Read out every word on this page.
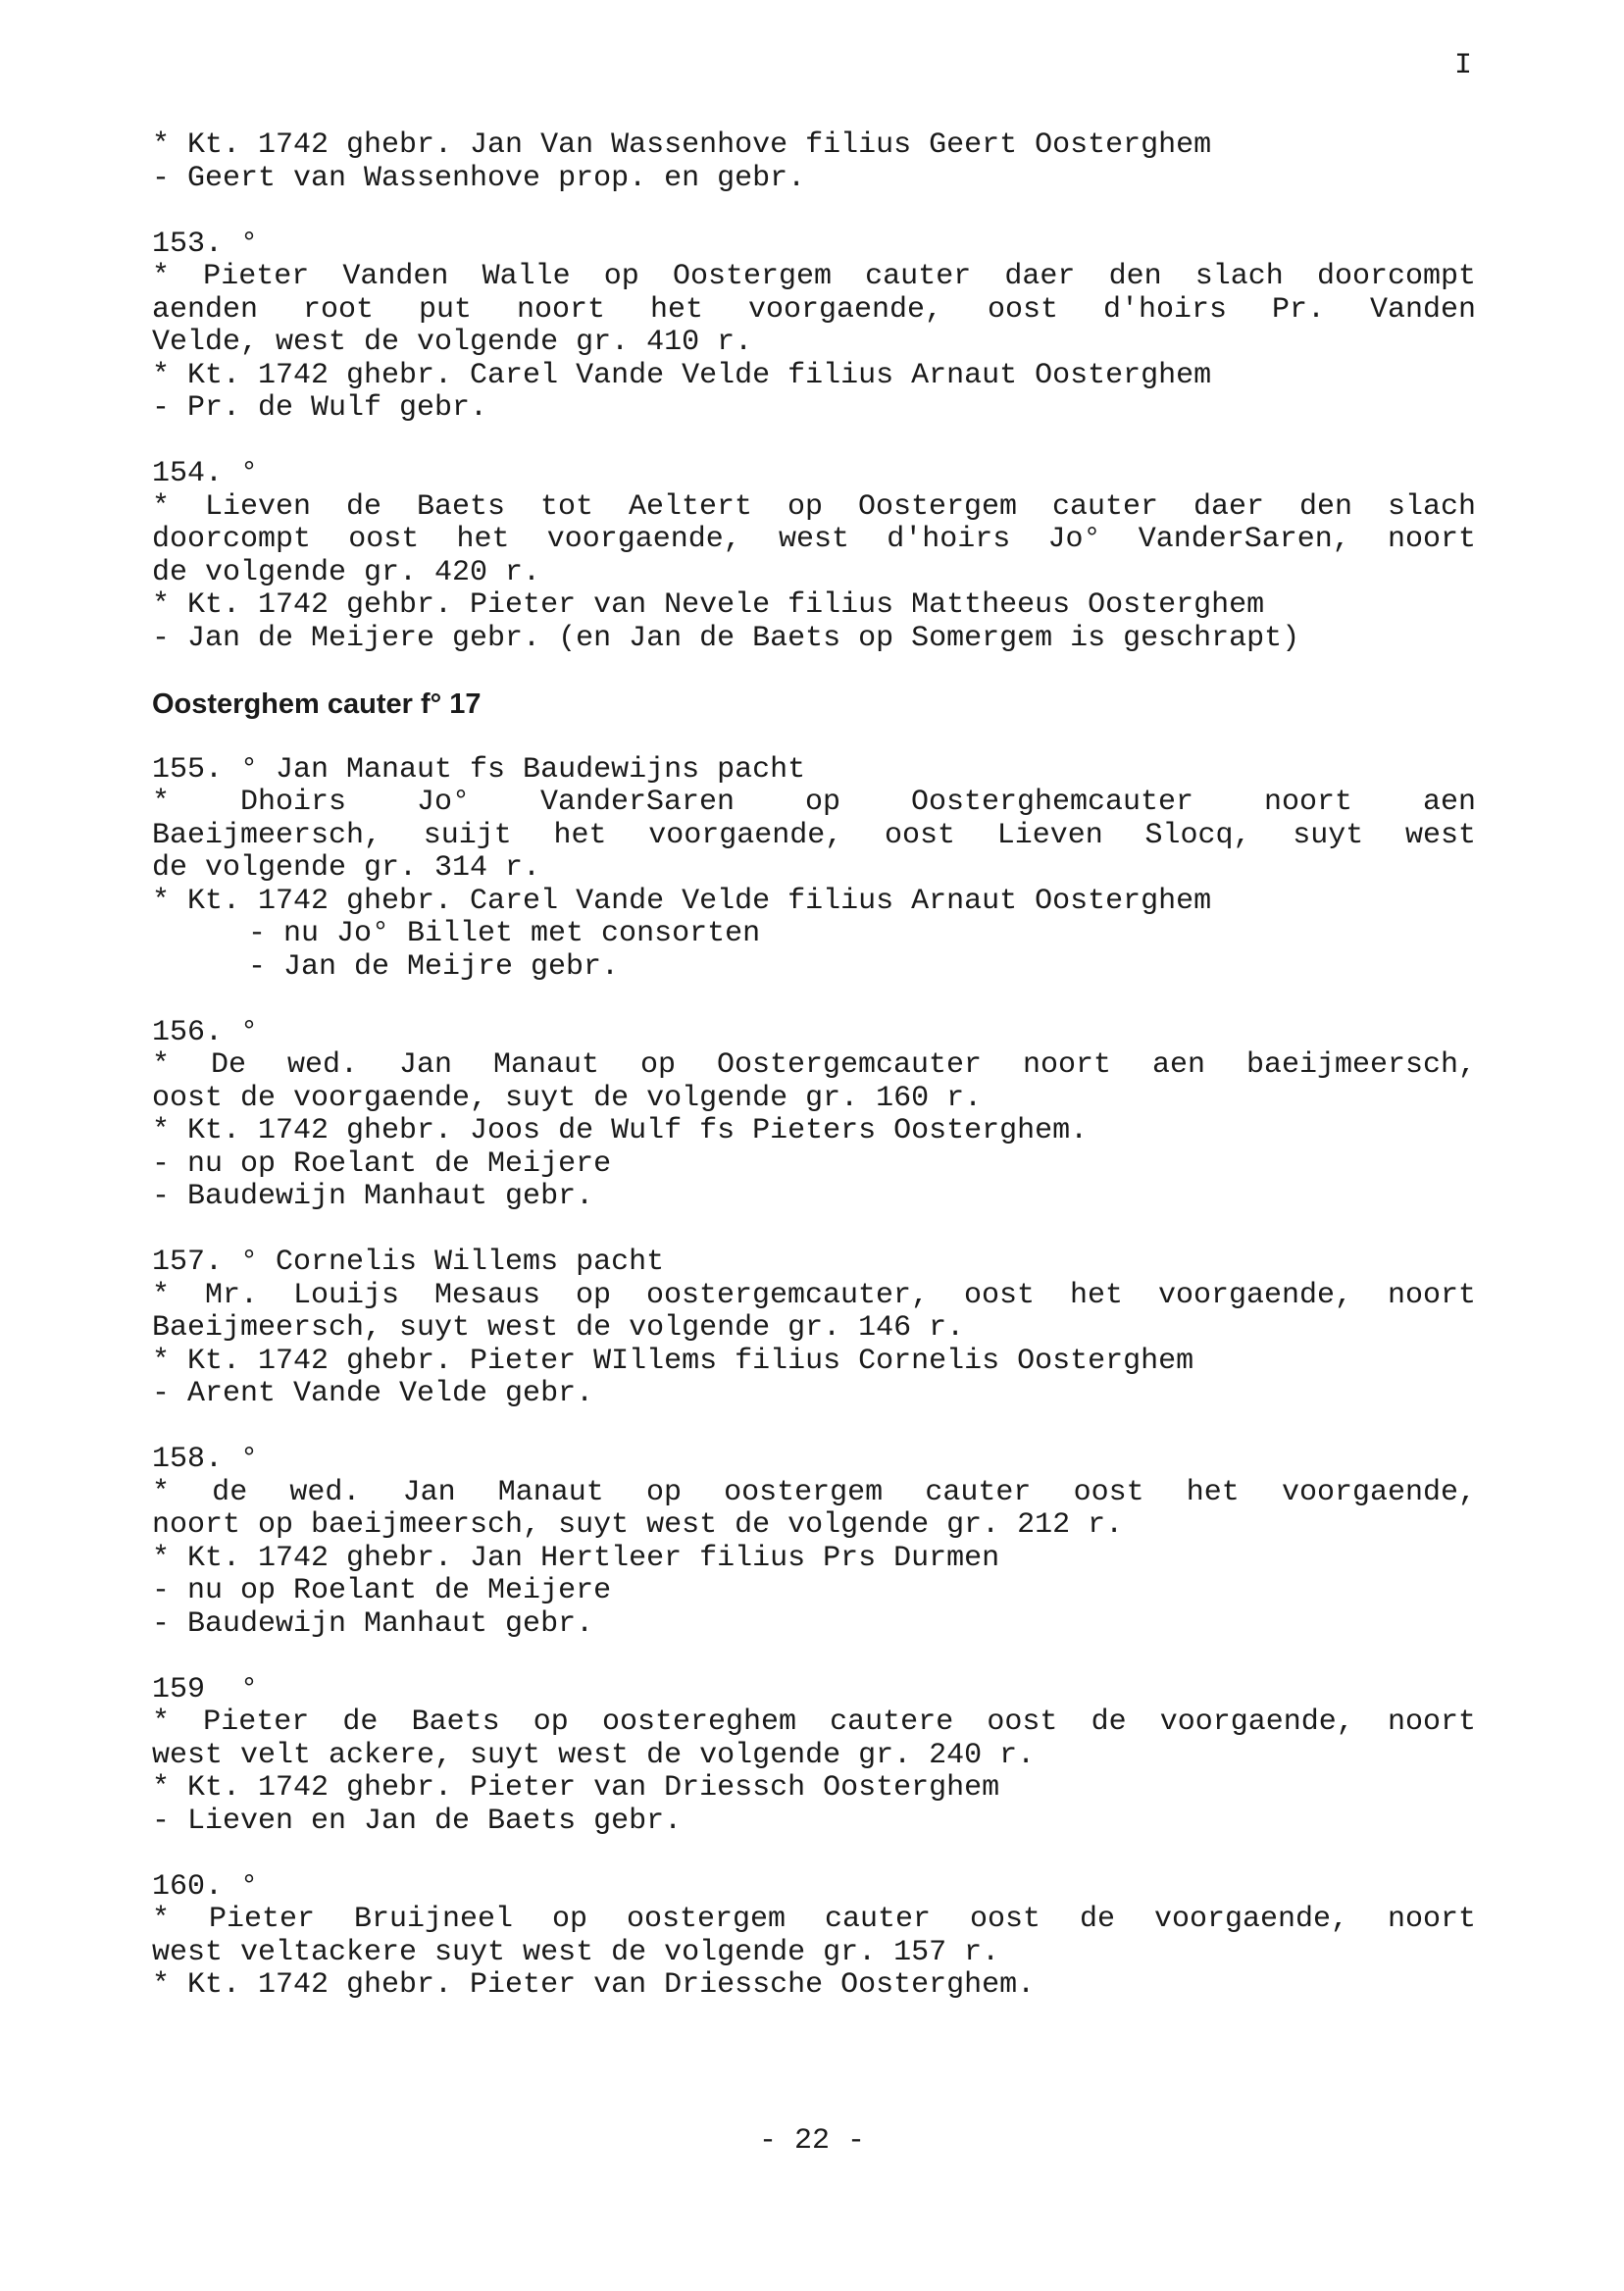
I
* Kt. 1742 ghebr. Jan Van Wassenhove filius Geert Oosterghem
- Geert van Wassenhove prop. en gebr.
153. °
* Pieter Vanden Walle op Oostergem cauter daer den slach doorcompt
aenden root put noort het voorgaende, oost d'hoirs Pr. Vanden
Velde, west de volgende gr. 410 r.
* Kt. 1742 ghebr. Carel Vande Velde filius Arnaut Oosterghem
- Pr. de Wulf gebr.
154. °
* Lieven de Baets tot Aeltert op Oostergem cauter daer den slach
doorcompt oost het voorgaende, west d'hoirs Jo° VanderSaren, noort
de volgende gr. 420 r.
* Kt. 1742 gehbr. Pieter van Nevele filius Mattheeus Oosterghem
- Jan de Meijere gebr. (en Jan de Baets op Somergem is geschrapt)
Oosterghem cauter f° 17
155. ° Jan Manaut fs Baudewijns pacht
* Dhoirs Jo° VanderSaren op Oosterghemcauter noort aen
Baeijmeersch, suijt het voorgaende, oost Lieven Slocq, suyt west
de volgende gr. 314 r.
* Kt. 1742 ghebr. Carel Vande Velde filius Arnaut Oosterghem
- nu Jo° Billet met consorten
- Jan de Meijre gebr.
156. °
* De wed. Jan Manaut op Oostergemcauter noort aen baeijmeersch,
oost de voorgaende, suyt de volgende gr. 160 r.
* Kt. 1742 ghebr. Joos de Wulf fs Pieters Oosterghem.
- nu op Roelant de Meijere
- Baudewijn Manhaut gebr.
157. ° Cornelis Willems pacht
* Mr. Louijs Mesaus op oostergemcauter, oost het voorgaende, noort
Baeijmeersch, suyt west de volgende gr. 146 r.
* Kt. 1742 ghebr. Pieter WIllems filius Cornelis Oosterghem
- Arent Vande Velde gebr.
158. °
* de wed. Jan Manaut op oostergem cauter oost het voorgaende,
noort op baeijmeersch, suyt west de volgende gr. 212 r.
* Kt. 1742 ghebr. Jan Hertleer filius Prs Durmen
- nu op Roelant de Meijere
- Baudewijn Manhaut gebr.
159  °
* Pieter de Baets op oostereghem cautere oost de voorgaende, noort
west velt ackere, suyt west de volgende gr. 240 r.
* Kt. 1742 ghebr. Pieter van Driessch Oosterghem
- Lieven en Jan de Baets gebr.
160. °
* Pieter Bruijneel op oostergem cauter oost de voorgaende, noort
west veltackere suyt west de volgende gr. 157 r.
* Kt. 1742 ghebr. Pieter van Driessche Oosterghem.
- 22 -
